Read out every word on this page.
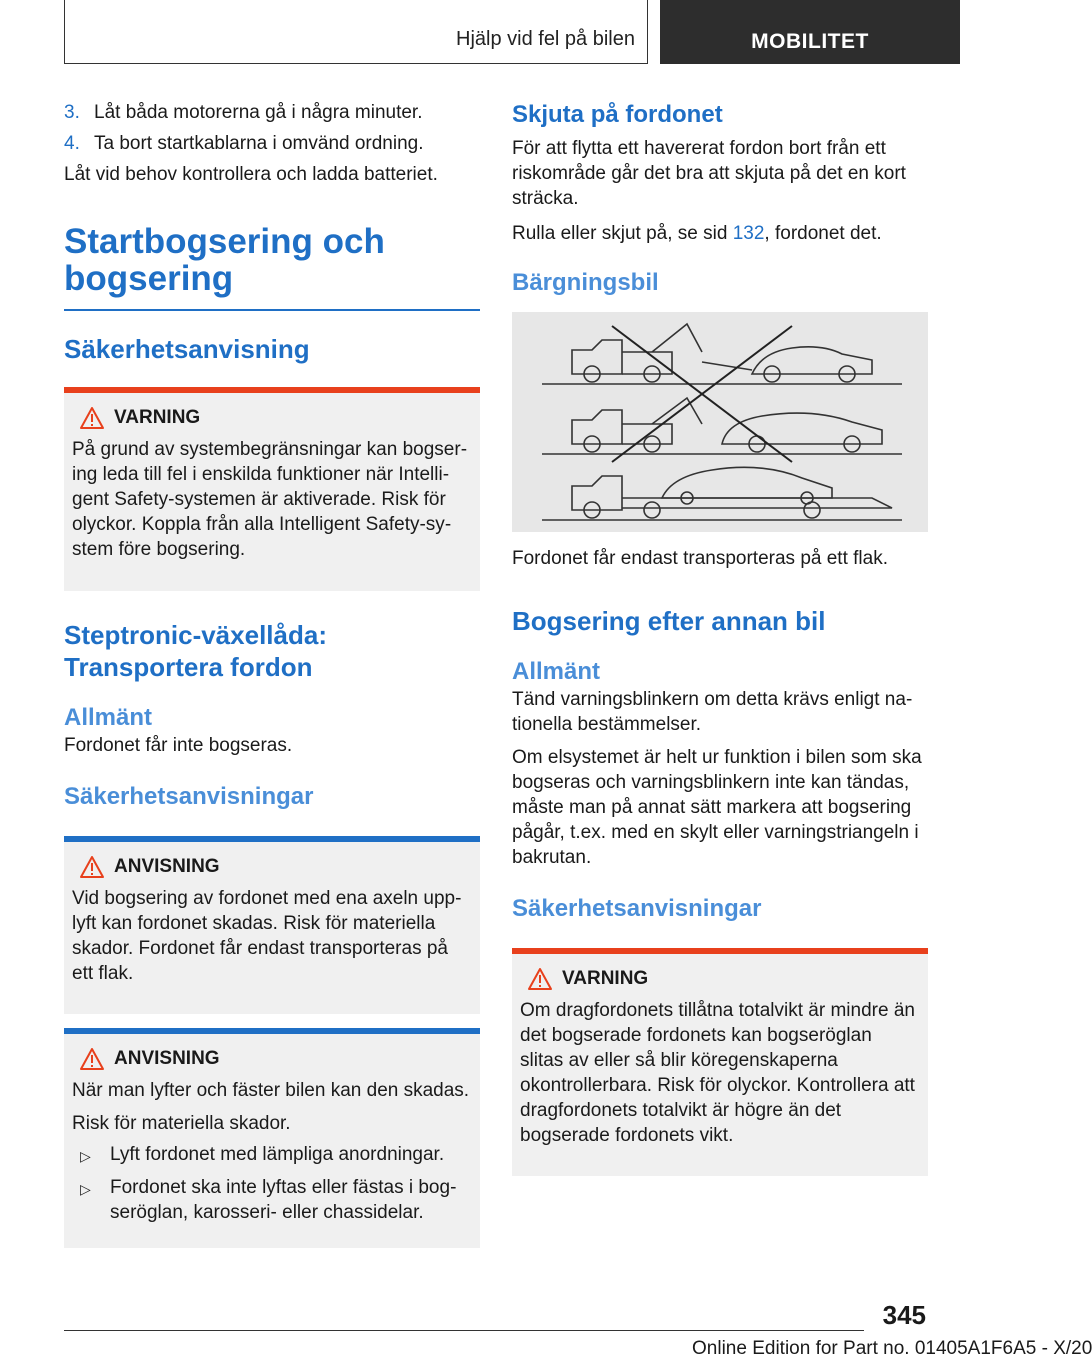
Hjälp vid fel på bilen	MOBILITET
3. Låt båda motorerna gå i några minuter.
4. Ta bort startkablarna i omvänd ordning.

Låt vid behov kontrollera och ladda batteriet.

Startbogsering och bogsering
Säkerhetsanvisning
VARNING

På grund av systembegränsningar kan bogsering leda till fel i enskilda funktioner när Intelligent Safety-systemen är aktiverade. Risk för olyckor. Koppla från alla Intelligent Safety-system före bogsering.

Steptronic-växellåda: Transportera fordon
Allmänt

Fordonet får inte bogseras.

Säkerhetsanvisningar
ANVISNING

Vid bogsering av fordonet med ena axeln upplyft kan fordonet skadas. Risk för materiella skador. Fordonet får endast transporteras på ett flak.

ANVISNING

När man lyfter och fäster bilen kan den skadas.

Risk för materiella skador.

▷	Lyft fordonet med lämpliga anordningar.
▷	Fordonet ska inte lyftas eller fästas i bogseröglan, karosseri- eller chassidelar.
Skjuta på fordonet

För att flytta ett havererat fordon bort från ett riskområde går det bra att skjuta på det en kort sträcka.

Rulla eller skjut på, se sid 132, fordonet det.

Bärgningsbil

Fordonet får endast transporteras på ett flak.

Bogsering efter annan bil
Allmänt

Tänd varningsblinkern om detta krävs enligt nationella bestämmelser.

Om elsystemet är helt ur funktion i bilen som ska bogseras och varningsblinkern inte kan tändas, måste man på annat sätt markera att bogsering pågår, t.ex. med en skylt eller varningstriangeln i bakrutan.

Säkerhetsanvisningar
VARNING

Om dragfordonets tillåtna totalvikt är mindre än det bogserade fordonets kan bogseröglan slitas av eller så blir köregenskaperna okontrollerbara. Risk för olyckor. Kontrollera att dragfordonets totalvikt är högre än det bogserade fordonets vikt.

345
Online Edition for Part no. 01405A1F6A5 - X/20
